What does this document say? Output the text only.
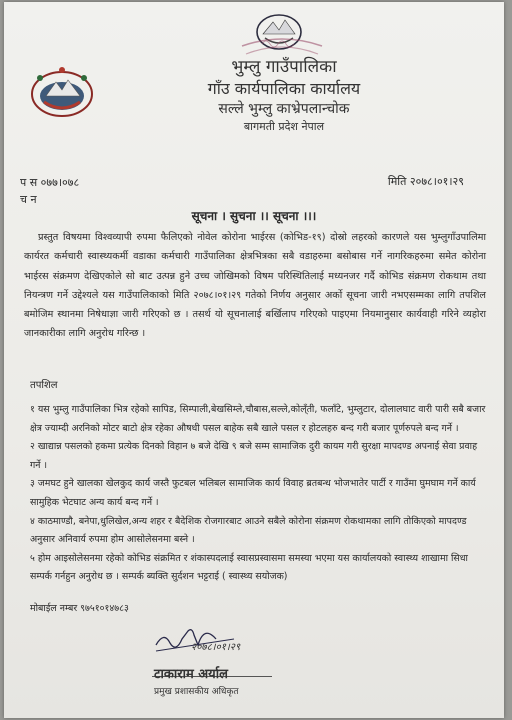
भुम्लु गाउँपालिका
गाँउ कार्यपालिका कार्यालय
सल्ले भुम्लु काभ्रेपलान्चोक
बागमती प्रदेश नेपाल
प स ०७७।०७८
च न
मिति २०७८।०१।२९
सूचना । सुचना ।। सूचना ।।।

प्रस्तुत विषयमा विश्वव्यापी रुपमा फैलिएको नोवेल कोरोना भाईरस (कोभिड-१९) दोस्रो लहरको कारणले यस भुम्लुगाँउपालिमा कार्यरत कर्मचारी स्वास्थ्यकर्मी वडाका कर्मचारी गाउँपालिका क्षेत्रभित्रका सबै वडाहरुमा बसोबास गर्ने नागरिकहरुमा समेत कोरोना भाईरस संक्रमण देखिएकोले सो बाट उत्पन्न हुने उच्च जोखिमको विषम परिस्थितिलाई मध्यनजर गर्दै कोभिड संक्रमण रोकथाम तथा नियन्त्रण गर्ने उद्देश्यले यस गाउँपालिकाको मिति २०७८।०१।२९ गतेको निर्णय अनुसार अर्को सूचना जारी नभएसम्मका लागि तपशिल बमोजिम स्थानमा निषेधाज्ञा जारी गरिएको छ । तसर्थ यो सूचनालाई बर्खिलाप गरिएको पाइएमा नियमानुसार कार्यवाही गरिने व्यहोरा जानकारीका लागि अनुरोध गरिन्छ ।

तपशिल

१ यस भुम्लु गाउँपालिका भित्र रहेको सापिड, सिम्पाली,बेखसिम्ले,चौबास,सल्ले,कोल्ँती, फलाँटे, भुम्लुटार, दोलालघाट वारी पारी सबै बजार क्षेत्र ज्याम्दी अरनिको मोटर बाटो क्षेत्र रहेका औषधी पसल बाहेक सबै खाले पसल र होटलहरु बन्द गरी बजार पूर्णरुपले बन्द गर्ने ।

२ खाद्यान्न पसलको हकमा प्रत्येक दिनको विहान ७ बजे देखि ९ बजे सम्म सामाजिक दुरी कायम गरी सुरक्षा मापदण्ड अपनाई सेवा प्रवाह गर्ने ।

३ जमघट हुने खालका खेलकुद कार्य जस्तै फुटबल भलिबल सामाजिक कार्य विवाह ब्रतबन्ध भोजभातेर पार्टी र गाउँमा घुमघाम गर्ने कार्य सामुहिक भेटघाट अन्य कार्य बन्द गर्ने ।

४ काठमाण्डौ, बनेपा,धुलिखेल,अन्य शहर र बैदेशिक रोजगारबाट आउने सबैले कोरोना संक्रमण रोकथामका लागि तोकिएको मापदण्ड अनुसार अनिवार्य रुपमा होम आसोलेसनमा बस्ने ।

५ होम आइसोलेसनमा रहेको कोभिड संक्रमित र शंकास्पदलाई स्वासप्रस्वासमा समस्या भएमा यस कार्यालयको स्वास्थ्य शाखामा सिधा सम्पर्क गर्नहुन अनुरोध छ । सम्पर्क ब्यक्ति सुर्दशन भट्टराई ( स्वास्थ्य सयोजक)

मोबाईल नम्बर ९७५१०१४७८३
२०७८।०१।२९
टाकाराम अर्याल
प्रमुख प्रशासकीय अधिकृत
